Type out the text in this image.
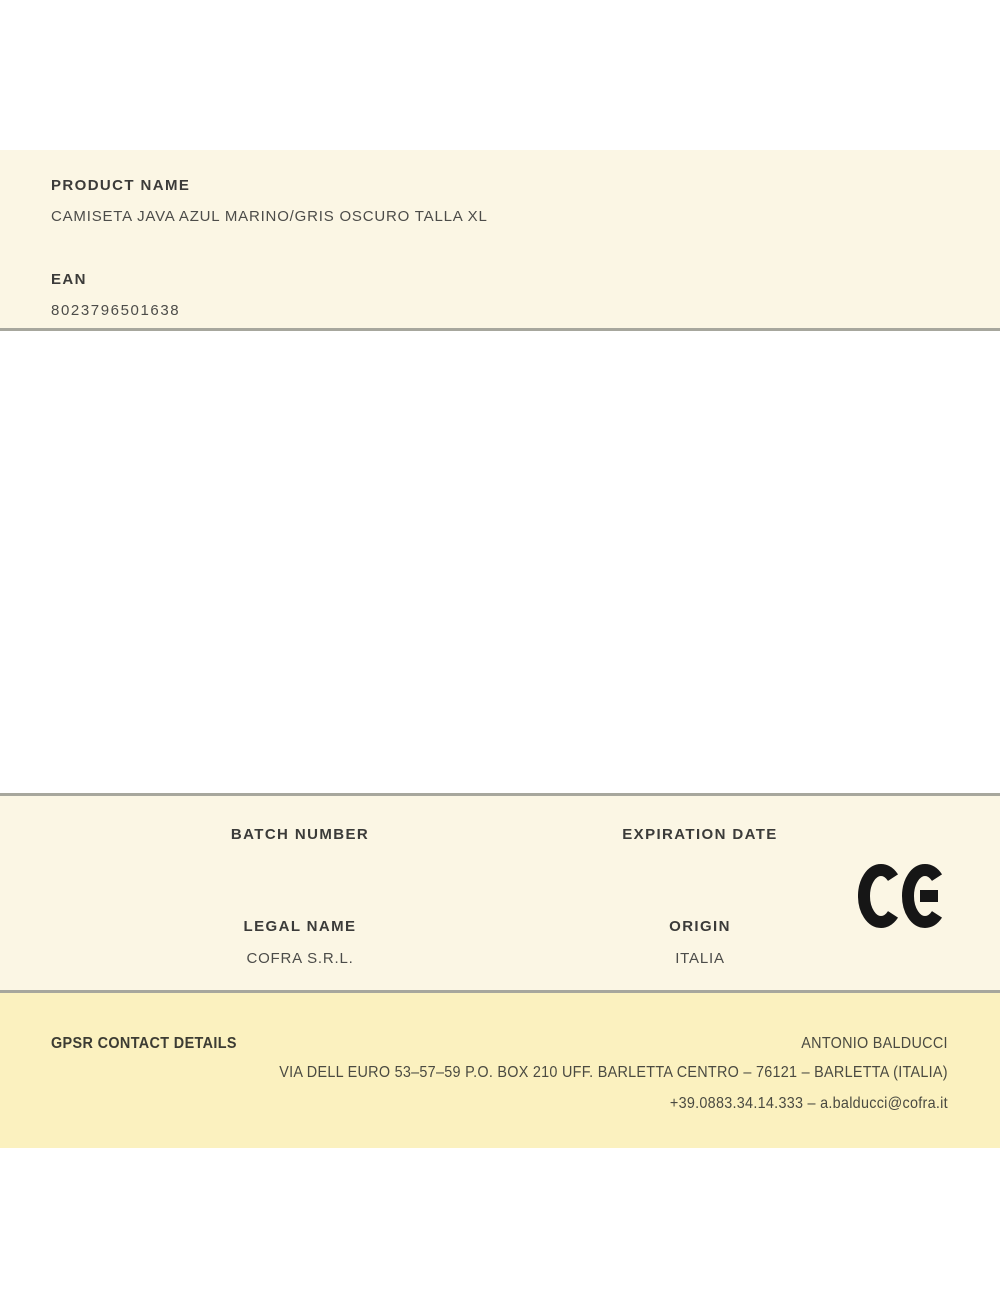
PRODUCT NAME
CAMISETA JAVA AZUL MARINO/GRIS OSCURO TALLA XL
EAN
8023796501638
BATCH NUMBER	EXPIRATION DATE
LEGAL NAME
COFRA S.R.L.
ORIGIN
ITALIA
GPSR CONTACT DETAILS	ANTONIO BALDUCCI
VIA DELL EURO 53–57–59 P.O. BOX 210 UFF. BARLETTA CENTRO – 76121 – BARLETTA (ITALIA)
+39.0883.34.14.333 – a.balducci@cofra.it
